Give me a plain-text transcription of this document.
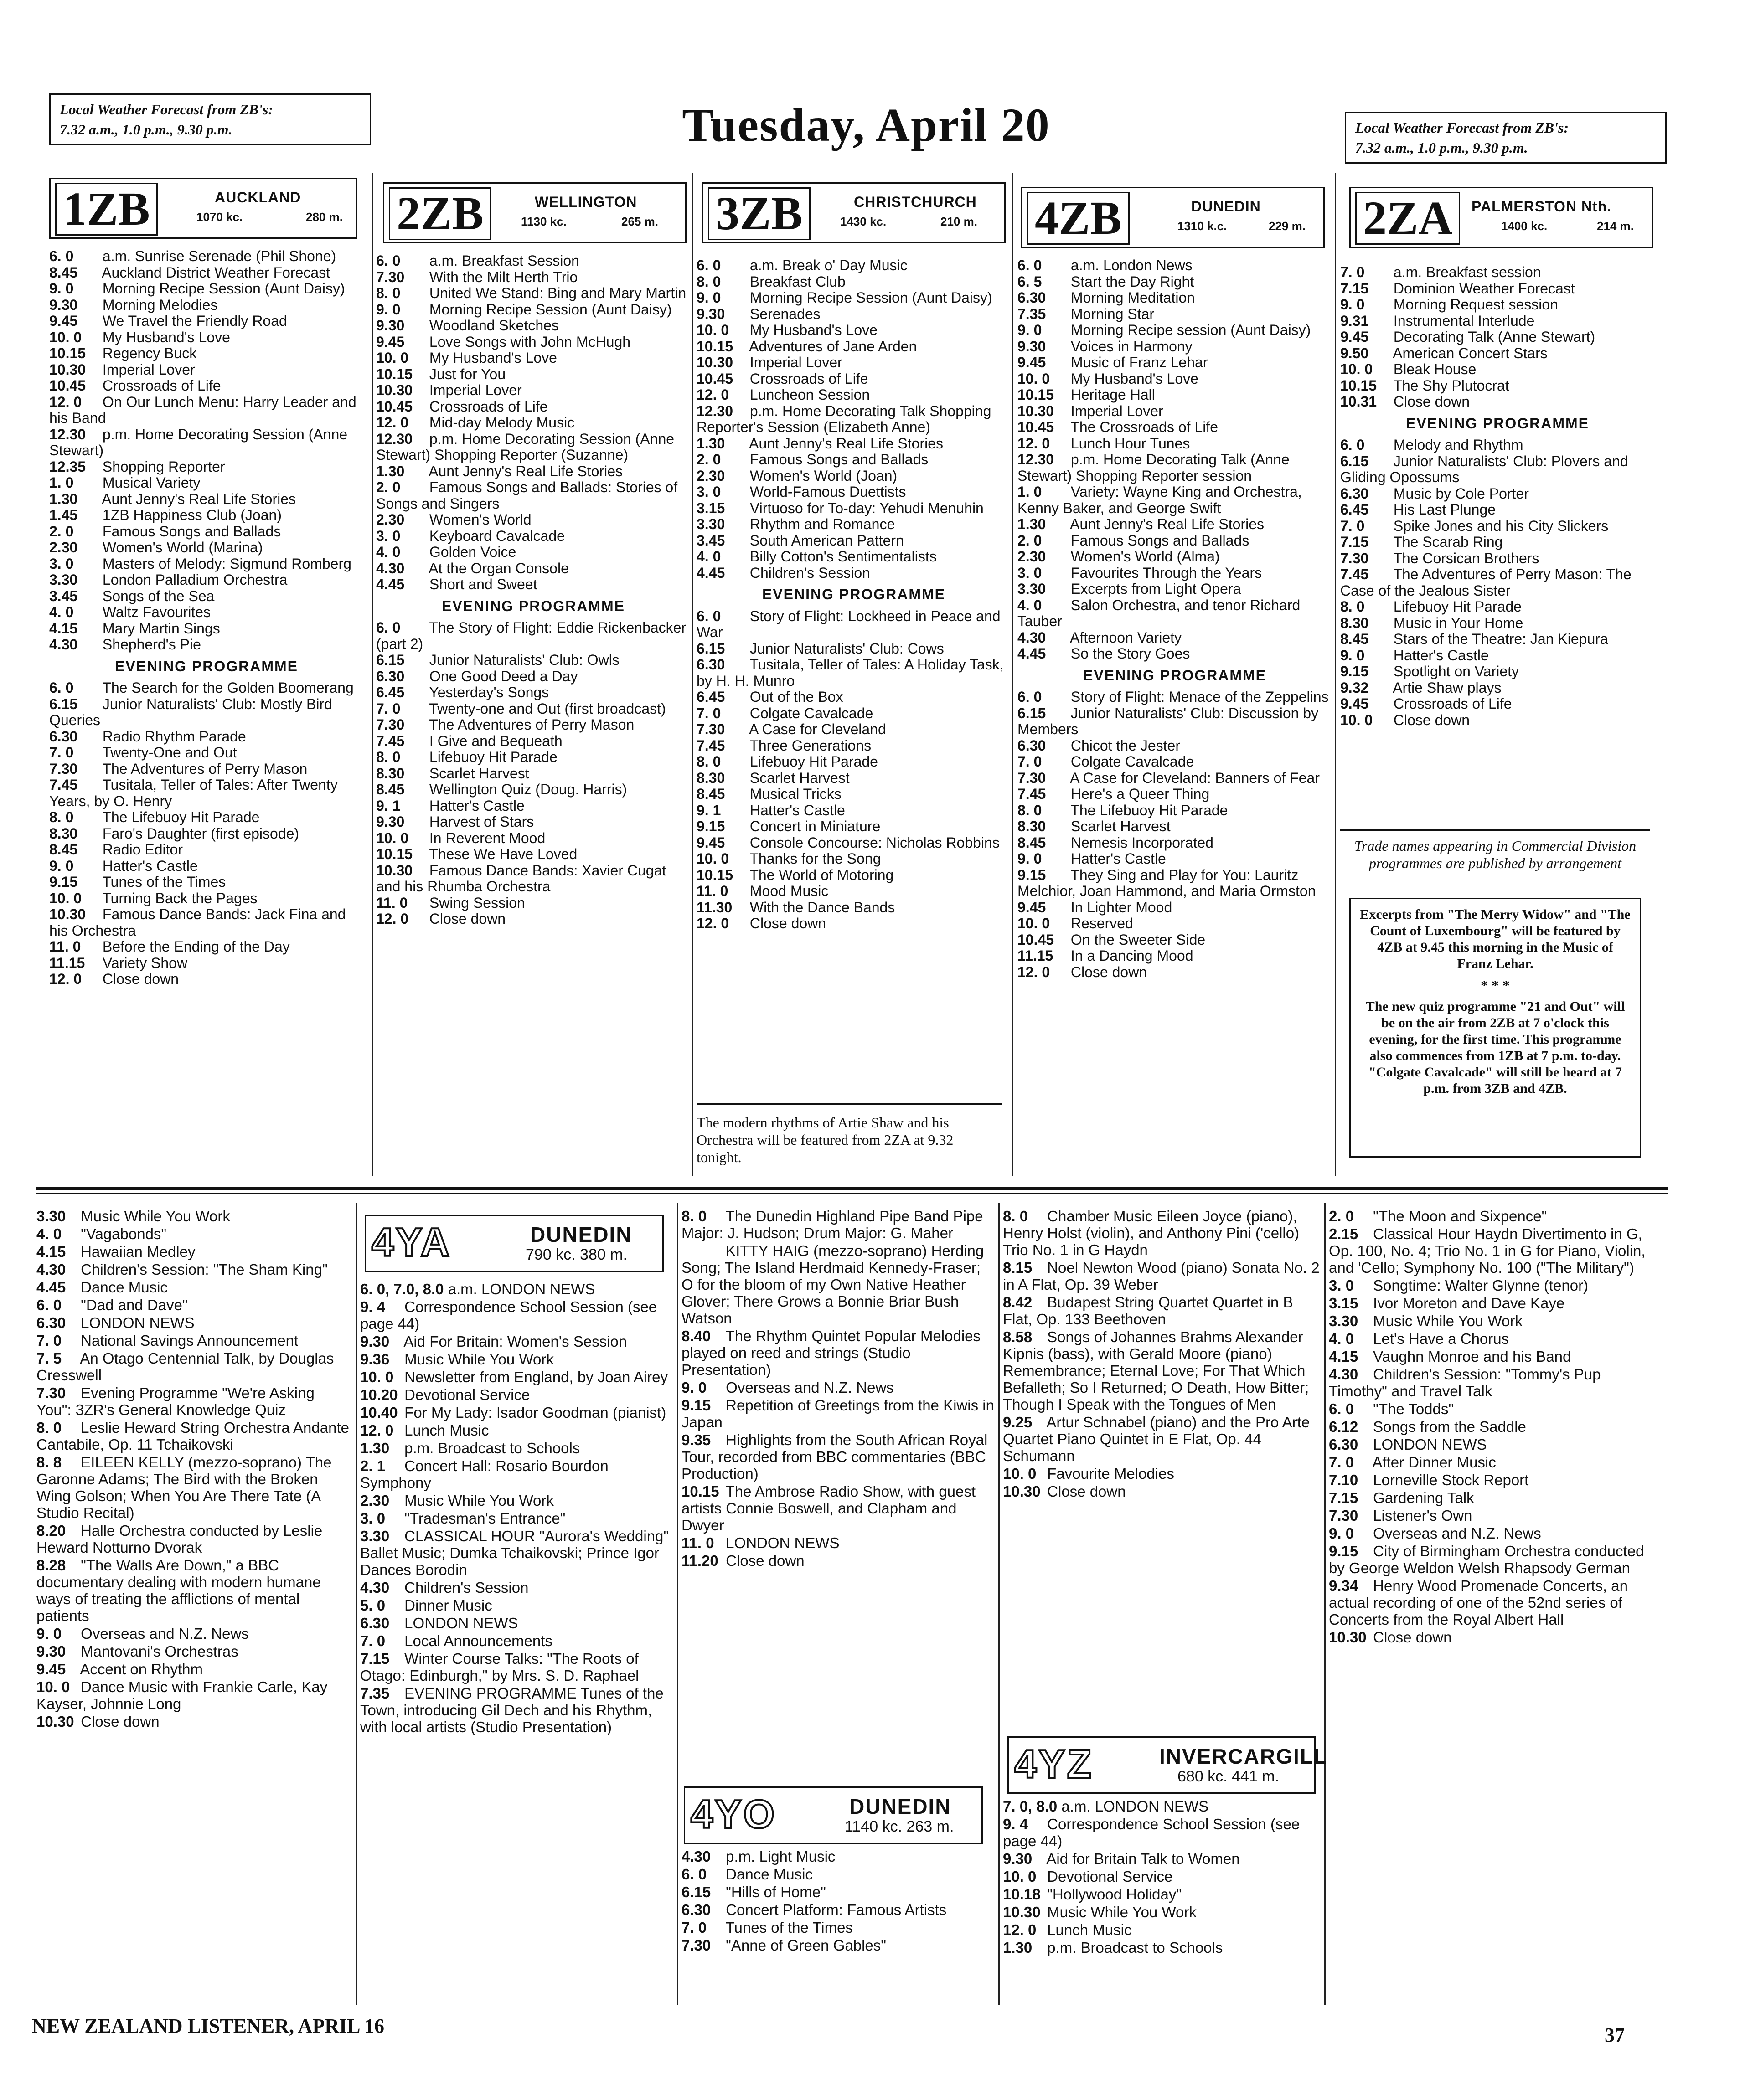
Local Weather Forecast from ZB's:
7.32 a.m., 1.0 p.m., 9.30 p.m.	Tuesday, April 20	Local Weather Forecast from ZB's:
7.32 a.m., 1.0 p.m., 9.30 p.m.
1ZB	AUCKLAND
1070 kc.	280 m. 2ZB	WELLINGTON
1130 kc.	265 m. 3ZB	CHRISTCHURCH
1430 kc.	210 m. 4ZB	DUNEDIN
1310 k.c.	229 m. 2ZA	PALMERSTON Nth.
1400 kc.	214 m.
6. 0 a.m. Sunrise Serenade (Phil Shone)
8.45 Auckland District Weather Forecast
9. 0 Morning Recipe Session (Aunt Daisy)
9.30 Morning Melodies
9.45 We Travel the Friendly Road
10. 0 My Husband's Love
10.15 Regency Buck
10.30 Imperial Lover
10.45 Crossroads of Life
12. 0 On Our Lunch Menu: Harry Leader and his Band
12.30 p.m. Home Decorating Session (Anne Stewart)
12.35 Shopping Reporter
1. 0 Musical Variety
1.30 Aunt Jenny's Real Life Stories
1.45 1ZB Happiness Club (Joan)
2. 0 Famous Songs and Ballads
2.30 Women's World (Marina)
3. 0 Masters of Melody: Sigmund Romberg
3.30 London Palladium Orchestra
3.45 Songs of the Sea
4. 0 Waltz Favourites
4.15 Mary Martin Sings
4.30 Shepherd's Pie
EVENING PROGRAMME
6. 0 The Search for the Golden Boomerang
6.15 Junior Naturalists' Club: Mostly Bird Queries
6.30 Radio Rhythm Parade
7. 0 Twenty-One and Out
7.30 The Adventures of Perry Mason
7.45 Tusitala, Teller of Tales: After Twenty Years, by O. Henry
8. 0 The Lifebuoy Hit Parade
8.30 Faro's Daughter (first episode)
8.45 Radio Editor
9. 0 Hatter's Castle
9.15 Tunes of the Times
10. 0 Turning Back the Pages
10.30 Famous Dance Bands: Jack Fina and his Orchestra
11. 0 Before the Ending of the Day
11.15 Variety Show
12. 0 Close down
6. 0 a.m. Breakfast Session
7.30 With the Milt Herth Trio
8. 0 United We Stand: Bing and Mary Martin
9. 0 Morning Recipe Session (Aunt Daisy)
9.30 Woodland Sketches
9.45 Love Songs with John McHugh
10. 0 My Husband's Love
10.15 Just for You
10.30 Imperial Lover
10.45 Crossroads of Life
12. 0 Mid-day Melody Music
12.30 p.m. Home Decorating Session (Anne Stewart) Shopping Reporter (Suzanne)
1.30 Aunt Jenny's Real Life Stories
2. 0 Famous Songs and Ballads: Stories of Songs and Singers
2.30 Women's World
3. 0 Keyboard Cavalcade
4. 0 Golden Voice
4.30 At the Organ Console
4.45 Short and Sweet
EVENING PROGRAMME
6. 0 The Story of Flight: Eddie Rickenbacker (part 2)
6.15 Junior Naturalists' Club: Owls
6.30 One Good Deed a Day
6.45 Yesterday's Songs
7. 0 Twenty-one and Out (first broadcast)
7.30 The Adventures of Perry Mason
7.45 I Give and Bequeath
8. 0 Lifebuoy Hit Parade
8.30 Scarlet Harvest
8.45 Wellington Quiz (Doug. Harris)
9. 1 Hatter's Castle
9.30 Harvest of Stars
10. 0 In Reverent Mood
10.15 These We Have Loved
10.30 Famous Dance Bands: Xavier Cugat and his Rhumba Orchestra
11. 0 Swing Session
12. 0 Close down
6. 0 a.m. Break o' Day Music
8. 0 Breakfast Club
9. 0 Morning Recipe Session (Aunt Daisy)
9.30 Serenades
10. 0 My Husband's Love
10.15 Adventures of Jane Arden
10.30 Imperial Lover
10.45 Crossroads of Life
12. 0 Luncheon Session
12.30 p.m. Home Decorating Talk Shopping Reporter's Session (Elizabeth Anne)
1.30 Aunt Jenny's Real Life Stories
2. 0 Famous Songs and Ballads
2.30 Women's World (Joan)
3. 0 World-Famous Duettists
3.15 Virtuoso for To-day: Yehudi Menuhin
3.30 Rhythm and Romance
3.45 South American Pattern
4. 0 Billy Cotton's Sentimentalists
4.45 Children's Session
EVENING PROGRAMME
6. 0 Story of Flight: Lockheed in Peace and War
6.15 Junior Naturalists' Club: Cows
6.30 Tusitala, Teller of Tales: A Holiday Task, by H. H. Munro
6.45 Out of the Box
7. 0 Colgate Cavalcade
7.30 A Case for Cleveland
7.45 Three Generations
8. 0 Lifebuoy Hit Parade
8.30 Scarlet Harvest
8.45 Musical Tricks
9. 1 Hatter's Castle
9.15 Concert in Miniature
9.45 Console Concourse: Nicholas Robbins
10. 0 Thanks for the Song
10.15 The World of Motoring
11. 0 Mood Music
11.30 With the Dance Bands
12. 0 Close down
6. 0 a.m. London News
6. 5 Start the Day Right
6.30 Morning Meditation
7.35 Morning Star
9. 0 Morning Recipe session (Aunt Daisy)
9.30 Voices in Harmony
9.45 Music of Franz Lehar
10. 0 My Husband's Love
10.15 Heritage Hall
10.30 Imperial Lover
10.45 The Crossroads of Life
12. 0 Lunch Hour Tunes
12.30 p.m. Home Decorating Talk (Anne Stewart) Shopping Reporter session
1. 0 Variety: Wayne King and Orchestra, Kenny Baker, and George Swift
1.30 Aunt Jenny's Real Life Stories
2. 0 Famous Songs and Ballads
2.30 Women's World (Alma)
3. 0 Favourites Through the Years
3.30 Excerpts from Light Opera
4. 0 Salon Orchestra, and tenor Richard Tauber
4.30 Afternoon Variety
4.45 So the Story Goes
EVENING PROGRAMME
6. 0 Story of Flight: Menace of the Zeppelins
6.15 Junior Naturalists' Club: Discussion by Members
6.30 Chicot the Jester
7. 0 Colgate Cavalcade
7.30 A Case for Cleveland: Banners of Fear
7.45 Here's a Queer Thing
8. 0 The Lifebuoy Hit Parade
8.30 Scarlet Harvest
8.45 Nemesis Incorporated
9. 0 Hatter's Castle
9.15 They Sing and Play for You: Lauritz Melchior, Joan Hammond, and Maria Ormston
9.45 In Lighter Mood
10. 0 Reserved
10.45 On the Sweeter Side
11.15 In a Dancing Mood
12. 0 Close down
7. 0 a.m. Breakfast session
7.15 Dominion Weather Forecast
9. 0 Morning Request session
9.31 Instrumental Interlude
9.45 Decorating Talk (Anne Stewart)
9.50 American Concert Stars
10. 0 Bleak House
10.15 The Shy Plutocrat
10.31 Close down
EVENING PROGRAMME
6. 0 Melody and Rhythm
6.15 Junior Naturalists' Club: Plovers and Gliding Opossums
6.30 Music by Cole Porter
6.45 His Last Plunge
7. 0 Spike Jones and his City Slickers
7.15 The Scarab Ring
7.30 The Corsican Brothers
7.45 The Adventures of Perry Mason: The Case of the Jealous Sister
8. 0 Lifebuoy Hit Parade
8.30 Music in Your Home
8.45 Stars of the Theatre: Jan Kiepura
9. 0 Hatter's Castle
9.15 Spotlight on Variety
9.32 Artie Shaw plays
9.45 Crossroads of Life
10. 0 Close down
The modern rhythms of Artie Shaw and his Orchestra will be featured from 2ZA at 9.32 tonight.
Trade names appearing in Commercial Division programmes are published by arrangement
Excerpts from "The Merry Widow" and "The Count of Luxembourg" will be featured by 4ZB at 9.45 this morning in the Music of Franz Lehar.
* * *
The new quiz programme "21 and Out" will be on the air from 2ZB at 7 o'clock this evening, for the first time. This programme also commences from 1ZB at 7 p.m. to-day. "Colgate Cavalcade" will still be heard at 7 p.m. from 3ZB and 4ZB.
3.30 Music While You Work
4. 0 "Vagabonds"
4.15 Hawaiian Medley
4.30 Children's Session: "The Sham King"
4.45 Dance Music
6. 0 "Dad and Dave"
6.30 LONDON NEWS
7. 0 National Savings Announcement
7. 5 An Otago Centennial Talk, by Douglas Cresswell
7.30 Evening Programme "We're Asking You": 3ZR's General Knowledge Quiz
8. 0 Leslie Heward String Orchestra Andante Cantabile, Op. 11 Tchaikovski
8. 8 EILEEN KELLY (mezzo-soprano) The Garonne Adams; The Bird with the Broken Wing Golson; When You Are There Tate (A Studio Recital)
8.20 Halle Orchestra conducted by Leslie Heward Notturno Dvorak
8.28 "The Walls Are Down," a BBC documentary dealing with modern humane ways of treating the afflictions of mental patients
9. 0 Overseas and N.Z. News
9.30 Mantovani's Orchestras
9.45 Accent on Rhythm
10. 0 Dance Music with Frankie Carle, Kay Kayser, Johnnie Long
10.30 Close down
4YA	DUNEDIN
790 kc. 380 m.
6. 0, 7.0, 8.0 a.m. LONDON NEWS
9. 4 Correspondence School Session (see page 44)
9.30 Aid For Britain: Women's Session
9.36 Music While You Work
10. 0 Newsletter from England, by Joan Airey
10.20 Devotional Service
10.40 For My Lady: Isador Goodman (pianist)
12. 0 Lunch Music
1.30 p.m. Broadcast to Schools
2. 1 Concert Hall: Rosario Bourdon Symphony
2.30 Music While You Work
3. 0 "Tradesman's Entrance"
3.30 CLASSICAL HOUR "Aurora's Wedding" Ballet Music; Dumka Tchaikovski; Prince Igor Dances Borodin
4.30 Children's Session
5. 0 Dinner Music
6.30 LONDON NEWS
7. 0 Local Announcements
7.15 Winter Course Talks: "The Roots of Otago: Edinburgh," by Mrs. S. D. Raphael
7.35 EVENING PROGRAMME Tunes of the Town, introducing Gil Dech and his Rhythm, with local artists (Studio Presentation)
8. 0 The Dunedin Highland Pipe Band Pipe Major: J. Hudson; Drum Major: G. Maher
KITTY HAIG (mezzo-soprano) Herding Song; The Island Herdmaid Kennedy-Fraser; O for the bloom of my Own Native Heather Glover; There Grows a Bonnie Briar Bush Watson
8.40 The Rhythm Quintet Popular Melodies played on reed and strings (Studio Presentation)
9. 0 Overseas and N.Z. News
9.15 Repetition of Greetings from the Kiwis in Japan
9.35 Highlights from the South African Royal Tour, recorded from BBC commentaries (BBC Production)
10.15 The Ambrose Radio Show, with guest artists Connie Boswell, and Clapham and Dwyer
11. 0 LONDON NEWS
11.20 Close down
4YO	DUNEDIN
1140 kc. 263 m.
4.30 p.m. Light Music
6. 0 Dance Music
6.15 "Hills of Home"
6.30 Concert Platform: Famous Artists
7. 0 Tunes of the Times
7.30 "Anne of Green Gables"
8. 0 Chamber Music Eileen Joyce (piano), Henry Holst (violin), and Anthony Pini ('cello) Trio No. 1 in G Haydn
8.15 Noel Newton Wood (piano) Sonata No. 2 in A Flat, Op. 39 Weber
8.42 Budapest String Quartet Quartet in B Flat, Op. 133 Beethoven
8.58 Songs of Johannes Brahms Alexander Kipnis (bass), with Gerald Moore (piano) Remembrance; Eternal Love; For That Which Befalleth; So I Returned; O Death, How Bitter; Though I Speak with the Tongues of Men
9.25 Artur Schnabel (piano) and the Pro Arte Quartet Piano Quintet in E Flat, Op. 44 Schumann
10. 0 Favourite Melodies
10.30 Close down
4YZ	INVERCARGILL
680 kc. 441 m.
7. 0, 8.0 a.m. LONDON NEWS
9. 4 Correspondence School Session (see page 44)
9.30 Aid for Britain Talk to Women
10. 0 Devotional Service
10.18 "Hollywood Holiday"
10.30 Music While You Work
12. 0 Lunch Music
1.30 p.m. Broadcast to Schools
2. 0 "The Moon and Sixpence"
2.15 Classical Hour Haydn Divertimento in G, Op. 100, No. 4; Trio No. 1 in G for Piano, Violin, and 'Cello; Symphony No. 100 ("The Military")
3. 0 Songtime: Walter Glynne (tenor)
3.15 Ivor Moreton and Dave Kaye
3.30 Music While You Work
4. 0 Let's Have a Chorus
4.15 Vaughn Monroe and his Band
4.30 Children's Session: "Tommy's Pup Timothy" and Travel Talk
6. 0 "The Todds"
6.12 Songs from the Saddle
6.30 LONDON NEWS
7. 0 After Dinner Music
7.10 Lorneville Stock Report
7.15 Gardening Talk
7.30 Listener's Own
9. 0 Overseas and N.Z. News
9.15 City of Birmingham Orchestra conducted by George Weldon Welsh Rhapsody German
9.34 Henry Wood Promenade Concerts, an actual recording of one of the 52nd series of Concerts from the Royal Albert Hall
10.30 Close down
NEW ZEALAND LISTENER, APRIL 16	37
